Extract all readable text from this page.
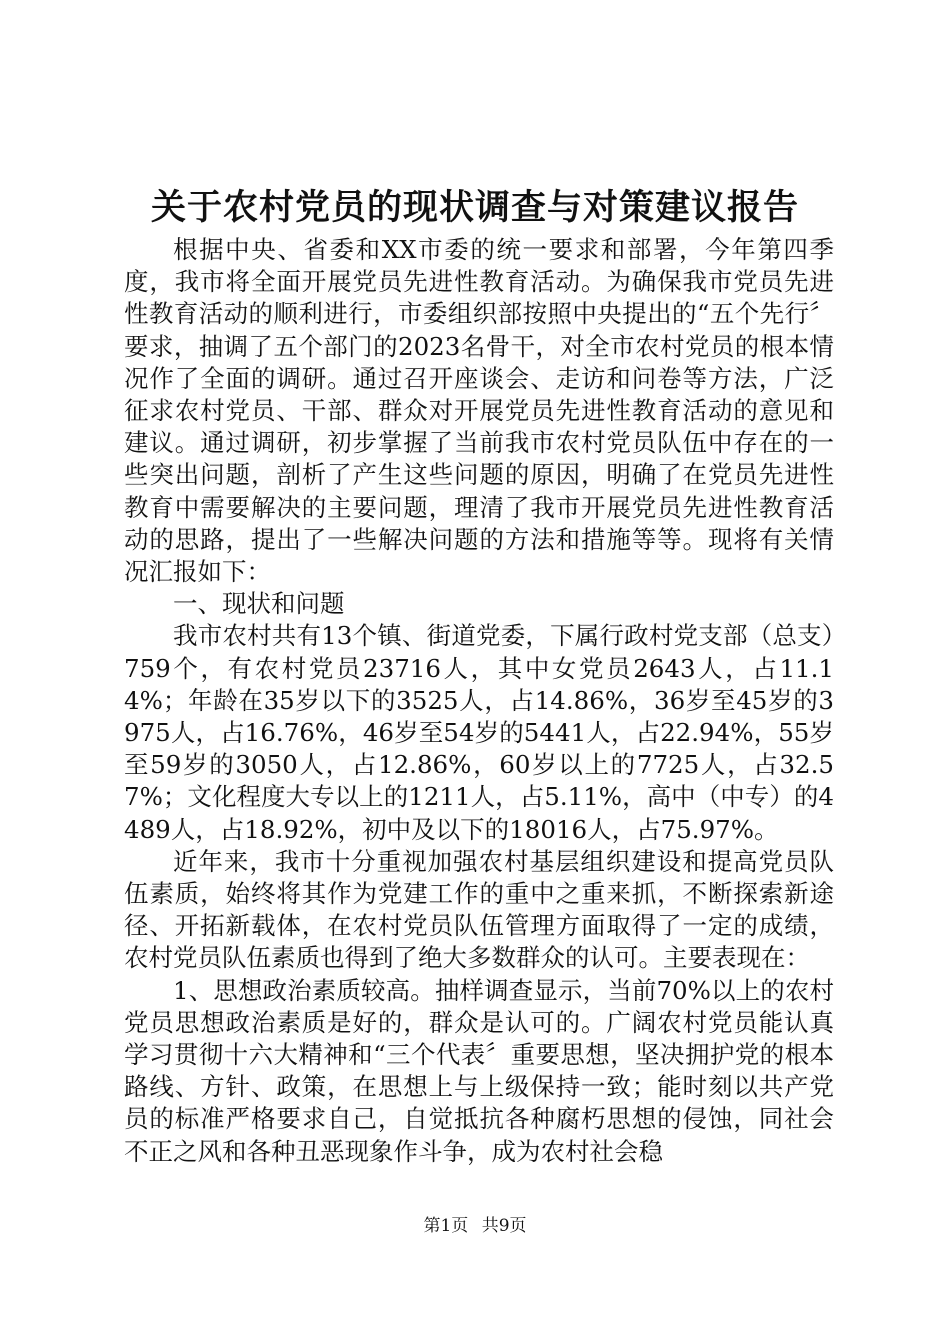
关于农村党员的现状调查与对策建议报告

根据中央、省委和XX市委的统一要求和部署，今年第四季度，我市将全面开展党员先进性教育活动。为确保我市党员先进性教育活动的顺利进行，市委组织部按照中央提出的“五个先行〞要求，抽调了五个部门的2023名骨干，对全市农村党员的根本情况作了全面的调研。通过召开座谈会、走访和问卷等方法，广泛征求农村党员、干部、群众对开展党员先进性教育活动的意见和建议。通过调研，初步掌握了当前我市农村党员队伍中存在的一些突出问题，剖析了产生这些问题的原因，明确了在党员先进性教育中需要解决的主要问题，理清了我市开展党员先进性教育活动的思路，提出了一些解决问题的方法和措施等等。现将有关情况汇报如下：

一、现状和问题

我市农村共有13个镇、街道党委，下属行政村党支部（总支）759个，有农村党员23716人，其中女党员2643人，占11.14%；年龄在35岁以下的3525人，占14.86%，36岁至45岁的3975人，占16.76%，46岁至54岁的5441人，占22.94%，55岁至59岁的3050人，占12.86%，60岁以上的7725人，占32.57%；文化程度大专以上的1211人，占5.11%，高中（中专）的4489人，占18.92%，初中及以下的18016人，占75.97%。

近年来，我市十分重视加强农村基层组织建设和提高党员队伍素质，始终将其作为党建工作的重中之重来抓，不断探索新途径、开拓新载体，在农村党员队伍管理方面取得了一定的成绩，农村党员队伍素质也得到了绝大多数群众的认可。主要表现在：

1、思想政治素质较高。抽样调查显示，当前70%以上的农村党员思想政治素质是好的，群众是认可的。广阔农村党员能认真学习贯彻十六大精神和“三个代表〞重要思想，坚决拥护党的根本路线、方针、政策，在思想上与上级保持一致；能时刻以共产党员的标准严格要求自己，自觉抵抗各种腐朽思想的侵蚀，同社会不正之风和各种丑恶现象作斗争，成为农村社会稳

第1页 共9页
